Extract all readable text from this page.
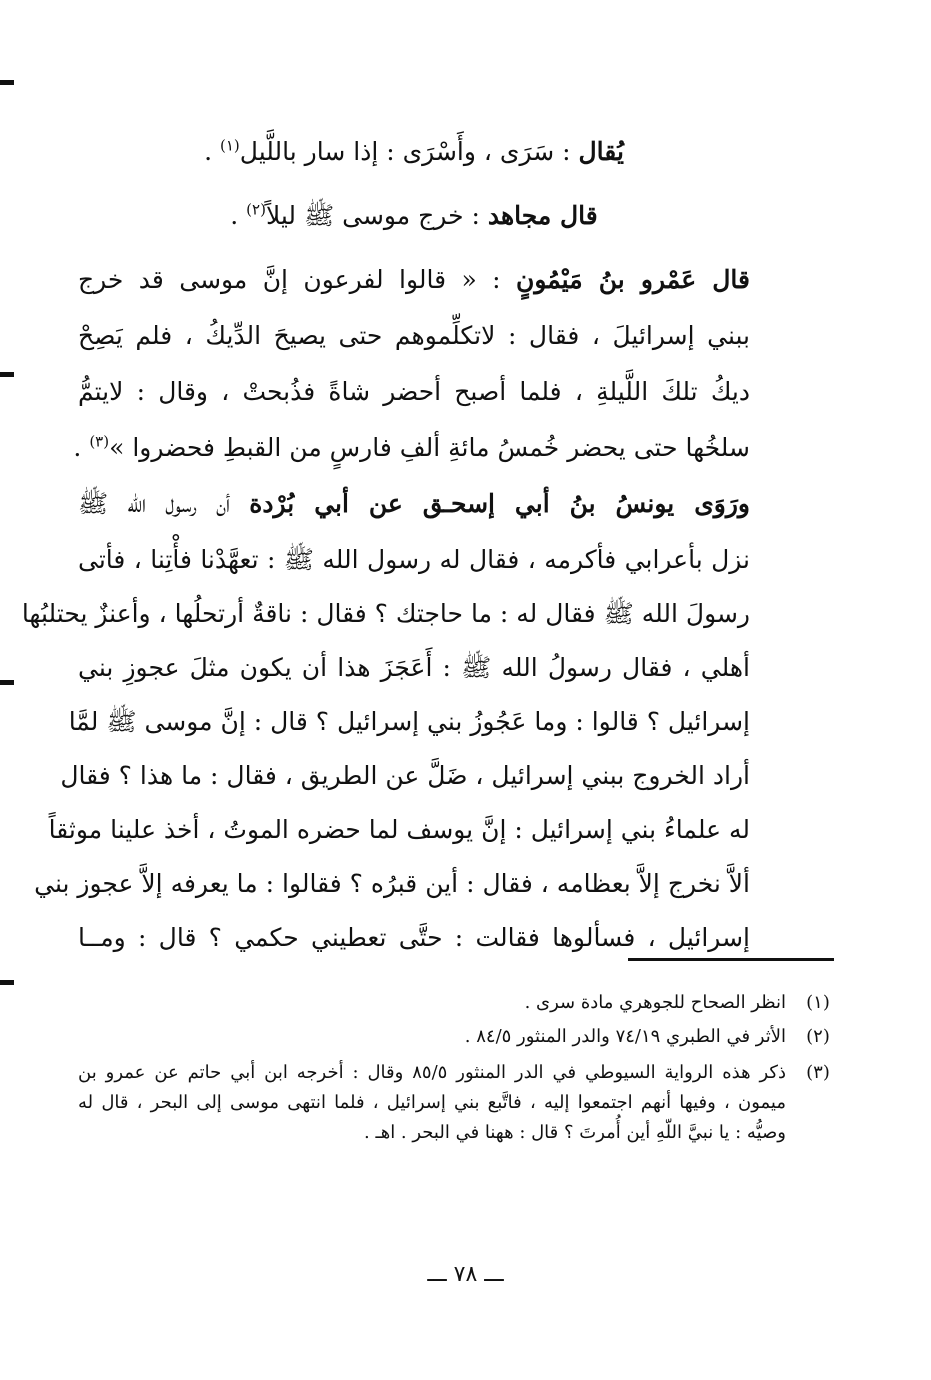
يُقال : سَرَى ، وأَسْرَى : إذا سار باللَّيل$^{(١)}$ .
قال مجاهد : خرج موسى ﷺ ليلاً$^{(٢)}$ .
قال عَمْرو بنُ مَيْمُونٍ : « قالوا لفرعون إنَّ موسى قد خرج
ببني إسرائيلَ ، فقال : لاتكلِّموهم حتى يصيحَ الدِّيكُ ، فلم يَصِحْ
ديكُ تلكَ اللَّيلةِ ، فلما أصبح أحضر شاةً فذُبحتْ ، وقال : لايتمُّ
سلخُها حتى يحضر خُمسُ مائةِ ألفِ فارسٍ من القبطِ فحضروا »$^{(٣)}$ .
ورَوَى يونسُ بنُ أبي إسحـق عن أبي بُرْدة أن رسول الله ﷺ
نزل بأعرابي فأكرمه ، فقال له رسول الله ﷺ : تعهَّدْنا فأْتِنا ، فأتى
رسولَ الله ﷺ فقال له : ما حاجتك ؟ فقال : ناقةٌ أرتحلُها ، وأعنزٌ يحتلبُها
أهلي ، فقال رسولُ الله ﷺ : أَعَجَزَ هذا أن يكون مثلَ عجوزِ بني
إسرائيل ؟ قالوا : وما عَجُوزُ بني إسرائيل ؟ قال : إنَّ موسى ﷺ لمَّا
أراد الخروج ببني إسرائيل ، ضَلَّ عن الطريق ، فقال : ما هذا ؟ فقال
له علماءُ بني إسرائيل : إنَّ يوسف لما حضره الموتُ ، أخذ علينا موثقاً
ألاَّ نخرج إلاَّ بعظامه ، فقال : أين قبرُه ؟ فقالوا : ما يعرفه إلاَّ عجوز بني
إسرائيل ، فسألوها فقالت : حتَّى تعطيني حكمي ؟ قال : ومــا
(١)
انظر الصحاح للجوهري مادة سرى .
(٢)
الأثر في الطبري ٧٤/١٩ والدر المنثور ٨٤/٥ .
(٣)
ذكر هذه الرواية السيوطي في الدر المنثور ٨٥/٥ وقال : أخرجه ابن أبي حاتم عن عمرو بن
ميمون ، وفيها أنهم اجتمعوا إليه ، فاتَّبع بني إسرائيل ، فلما انتهى موسى إلى البحر ، قال له
وصيُّه : يا نبيَّ اللّهِ أين أُمرتَ ؟ قال : ههنا في البحر . اهـ .
ـــ ٧٨ ـــ
